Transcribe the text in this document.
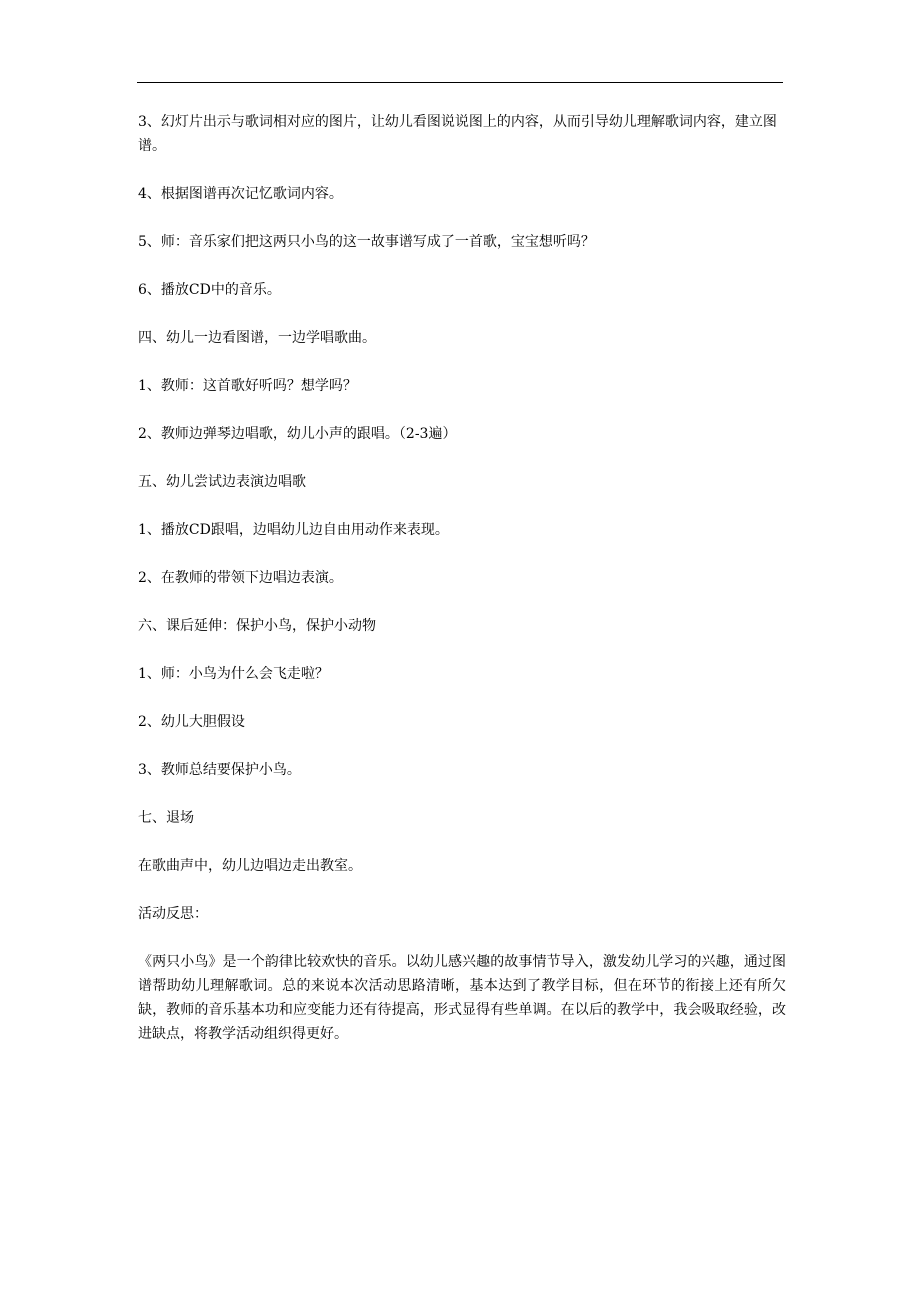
3、幻灯片出示与歌词相对应的图片，让幼儿看图说说图上的内容，从而引导幼儿理解歌词内容，建立图谱。

4、根据图谱再次记忆歌词内容。

5、师：音乐家们把这两只小鸟的这一故事谱写成了一首歌，宝宝想听吗？

6、播放CD中的音乐。

四、幼儿一边看图谱，一边学唱歌曲。

1、教师：这首歌好听吗？想学吗？

2、教师边弹琴边唱歌，幼儿小声的跟唱。（2-3遍）

五、幼儿尝试边表演边唱歌

1、播放CD跟唱，边唱幼儿边自由用动作来表现。

2、在教师的带领下边唱边表演。

六、课后延伸：保护小鸟，保护小动物

1、师：小鸟为什么会飞走啦？

2、幼儿大胆假设

3、教师总结要保护小鸟。

七、退场

在歌曲声中，幼儿边唱边走出教室。

活动反思：

《两只小鸟》是一个韵律比较欢快的音乐。以幼儿感兴趣的故事情节导入，激发幼儿学习的兴趣，通过图谱帮助幼儿理解歌词。总的来说本次活动思路清晰，基本达到了教学目标，但在环节的衔接上还有所欠缺，教师的音乐基本功和应变能力还有待提高，形式显得有些单调。在以后的教学中，我会吸取经验，改进缺点，将教学活动组织得更好。
